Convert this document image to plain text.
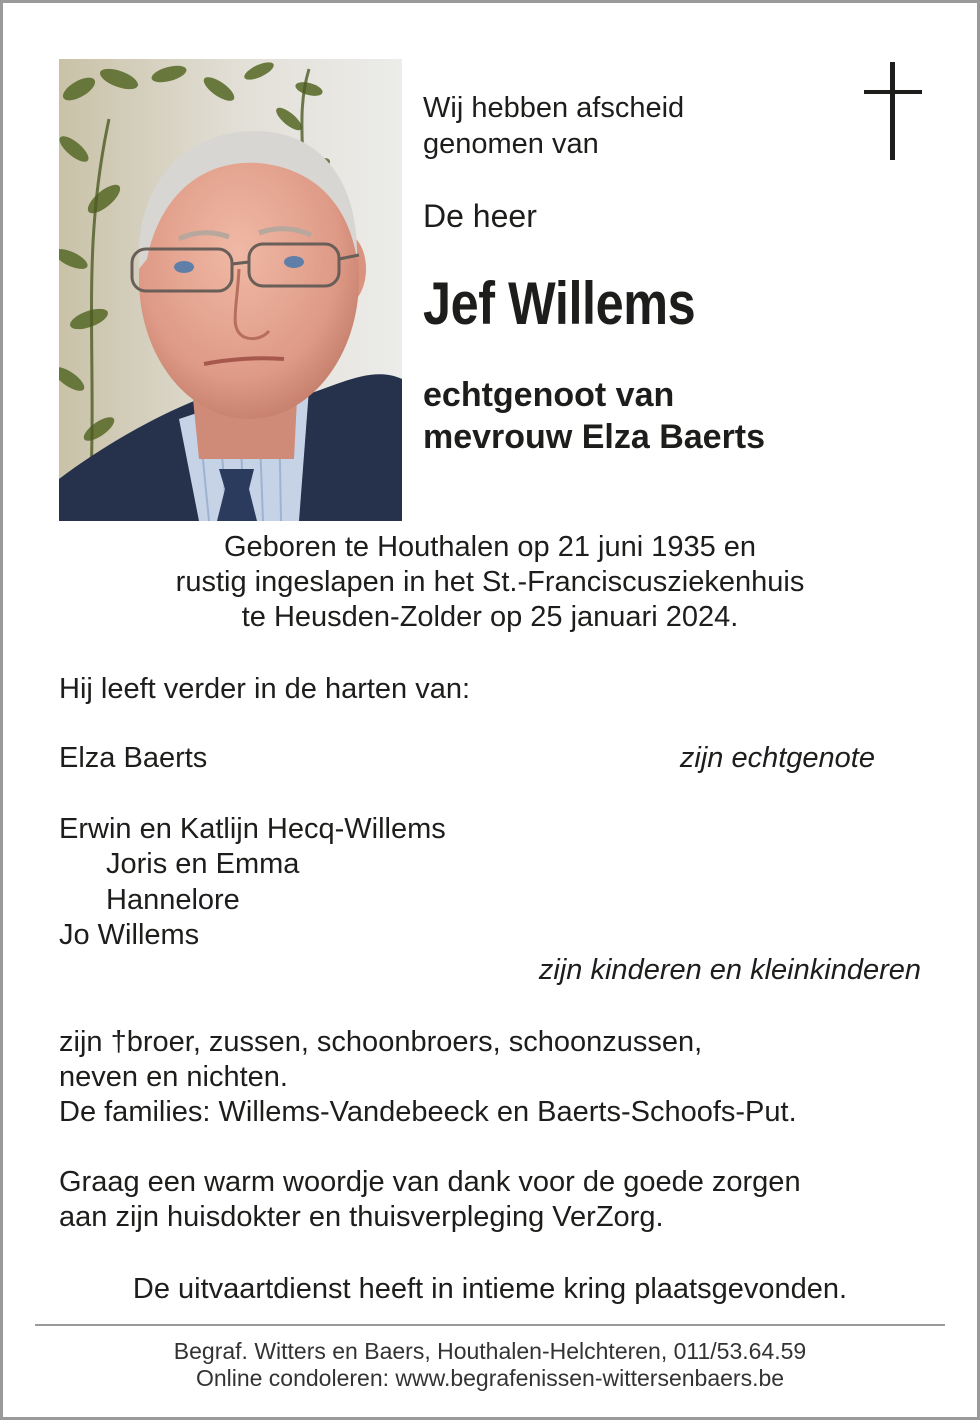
Wij hebben afscheid
genomen van

De heer

Jef Willems

echtgenoot van
mevrouw Elza Baerts

Geboren te Houthalen op 21 juni 1935 en
rustig ingeslapen in het St.-Franciscusziekenhuis
te Heusden-Zolder op 25 januari 2024.

Hij leeft verder in de harten van:

Elza Baerts	zijn echtgenote

Erwin en Katlijn Hecq-Willems

Joris en Emma

Hannelore

Jo Willems

zijn kinderen en kleinkinderen

zijn †broer, zussen, schoonbroers, schoonzussen,

neven en nichten.

De families: Willems-Vandebeeck en Baerts-Schoofs-Put.

Graag een warm woordje van dank voor de goede zorgen

aan zijn huisdokter en thuisverpleging VerZorg.

De uitvaartdienst heeft in intieme kring plaatsgevonden.

Begraf. Witters en Baers, Houthalen-Helchteren, 011/53.64.59
Online condoleren: www.begrafenissen-wittersenbaers.be
